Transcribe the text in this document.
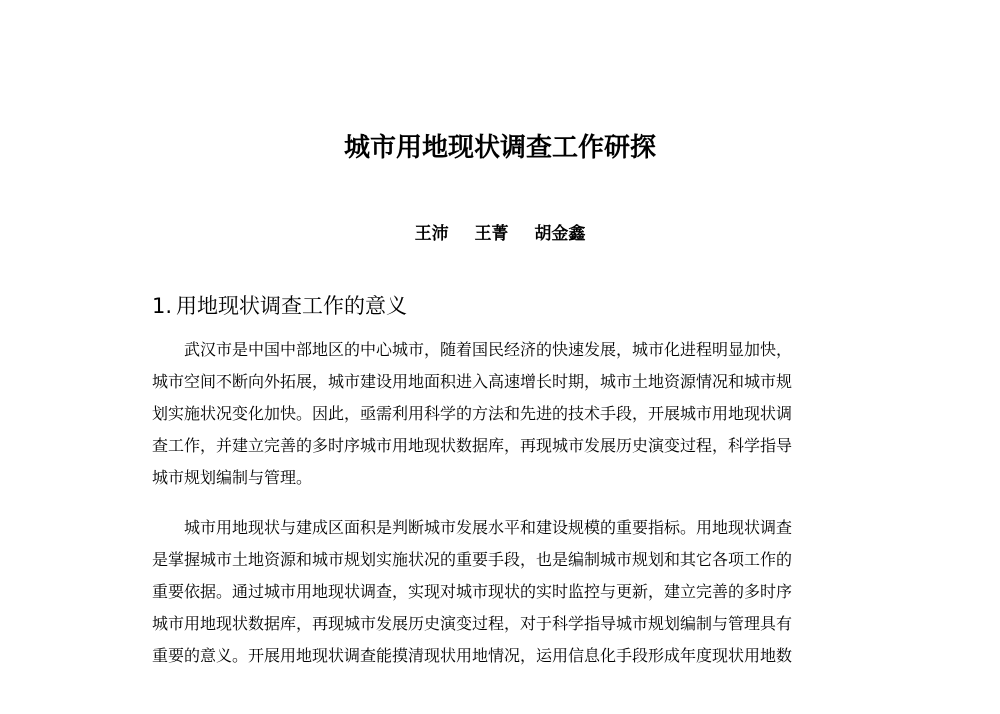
城市用地现状调查工作研探
王沛 王菁 胡金鑫
1. 用地现状调查工作的意义
武汉市是中国中部地区的中心城市，随着国民经济的快速发展，城市化进程明显加快，
城市空间不断向外拓展，城市建设用地面积进入高速增长时期，城市土地资源情况和城市规
划实施状况变化加快。因此，亟需利用科学的方法和先进的技术手段，开展城市用地现状调
查工作，并建立完善的多时序城市用地现状数据库，再现城市发展历史演变过程，科学指导
城市规划编制与管理。
城市用地现状与建成区面积是判断城市发展水平和建设规模的重要指标。用地现状调查
是掌握城市土地资源和城市规划实施状况的重要手段，也是编制城市规划和其它各项工作的
重要依据。通过城市用地现状调查，实现对城市现状的实时监控与更新，建立完善的多时序
城市用地现状数据库，再现城市发展历史演变过程，对于科学指导城市规划编制与管理具有
重要的意义。开展用地现状调查能摸清现状用地情况，运用信息化手段形成年度现状用地数
